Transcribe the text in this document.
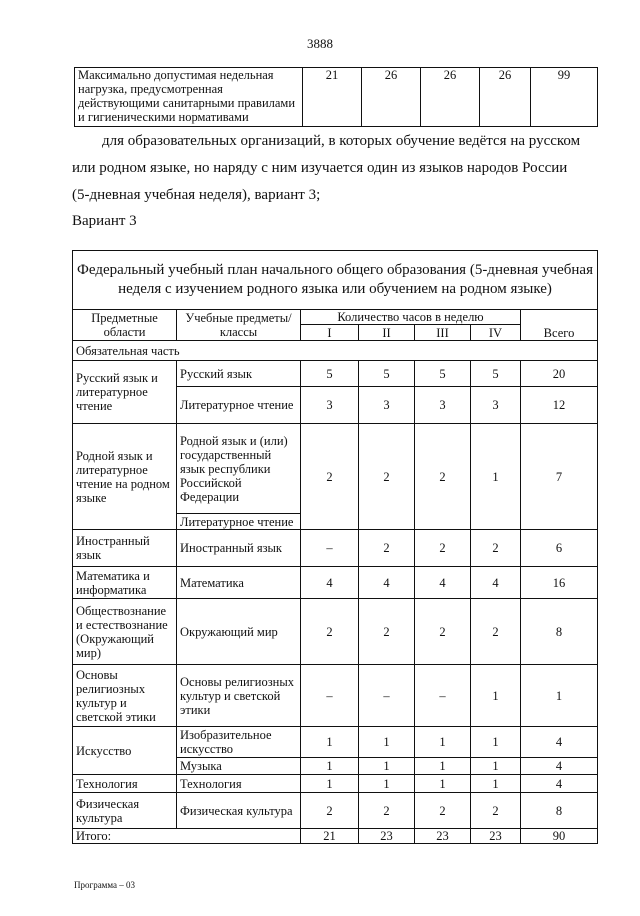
3888
Максимально допустимая недельная нагрузка, предусмотренная действующими санитарными правилами и гигиеническими нормативами	21	26	26	26	99
для образовательных организаций, в которых обучение ведётся на русском
или родном языке, но наряду с ним изучается один из языков народов России
(5-дневная учебная неделя), вариант 3;
Вариант 3
Федеральный учебный план начального общего образования (5-дневная учебная неделя с изучением родного языка или обучением на родном языке)						
Предметные области	Учебные предметы/ классы	Количество часов в неделю				Всего
		I	II	III	IV	
Обязательная часть						
Русский язык и литературное чтение	Русский язык	5	5	5	5	20
	Литературное чтение	3	3	3	3	12
Родной язык и литературное чтение на родном языке	Родной язык и (или) государственный язык республики Российской Федерации	2	2	2	1	7
	Литературное чтение					
Иностранный язык	Иностранный язык	–	2	2	2	6
Математика и информатика	Математика	4	4	4	4	16
Обществознание и естествознание (Окружающий мир)	Окружающий мир	2	2	2	2	8
Основы религиозных культур и светской этики	Основы религиозных культур и светской этики	–	–	–	1	1
Искусство	Изобразительное искусство	1	1	1	1	4
	Музыка	1	1	1	1	4
Технология	Технология	1	1	1	1	4
Физическая культура	Физическая культура	2	2	2	2	8
Итого:		21	23	23	23	90
Программа – 03
